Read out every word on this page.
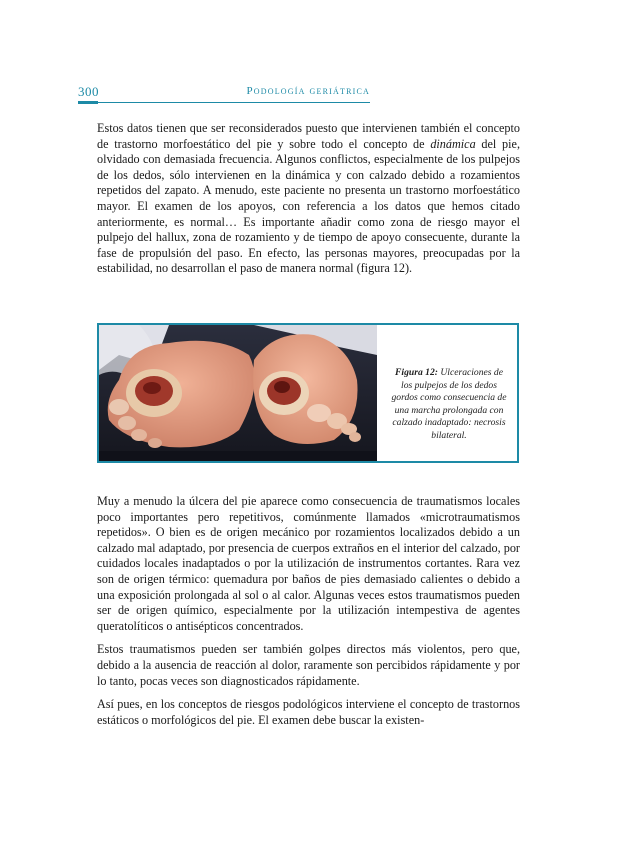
300	Podología geriátrica

Estos datos tienen que ser reconsiderados puesto que intervienen también el concepto de trastorno morfoestático del pie y sobre todo el concepto de dinámica del pie, olvidado con demasiada frecuencia. Algunos conflictos, especialmente de los pulpejos de los dedos, sólo intervienen en la dinámica y con calzado debido a rozamientos repetidos del zapato. A menudo, este paciente no presenta un trastorno morfoestático mayor. El examen de los apoyos, con referencia a los datos que hemos citado anteriormente, es normal… Es importante añadir como zona de riesgo mayor el pulpejo del hallux, zona de rozamiento y de tiempo de apoyo consecuente, durante la fase de propulsión del paso. En efecto, las personas mayores, preocupadas por la estabilidad, no desarrollan el paso de manera normal (figura 12).

Figura 12: Ulceraciones de los pulpejos de los dedos gordos como consecuencia de una marcha prolongada con calzado inadaptado: necrosis bilateral.

Muy a menudo la úlcera del pie aparece como consecuencia de traumatismos locales poco importantes pero repetitivos, comúnmente llamados «microtraumatismos repetidos». O bien es de origen mecánico por rozamientos localizados debido a un calzado mal adaptado, por presencia de cuerpos extraños en el interior del calzado, por cuidados locales inadaptados o por la utilización de instrumentos cortantes. Rara vez son de origen térmico: quemadura por baños de pies demasiado calientes o debido a una exposición prolongada al sol o al calor. Algunas veces estos traumatismos pueden ser de origen químico, especialmente por la utilización intempestiva de agentes queratolíticos o antisépticos concentrados.

Estos traumatismos pueden ser también golpes directos más violentos, pero que, debido a la ausencia de reacción al dolor, raramente son percibidos rápidamente y por lo tanto, pocas veces son diagnosticados rápidamente.

Así pues, en los conceptos de riesgos podológicos interviene el concepto de trastornos estáticos o morfológicos del pie. El examen debe buscar la existen-
